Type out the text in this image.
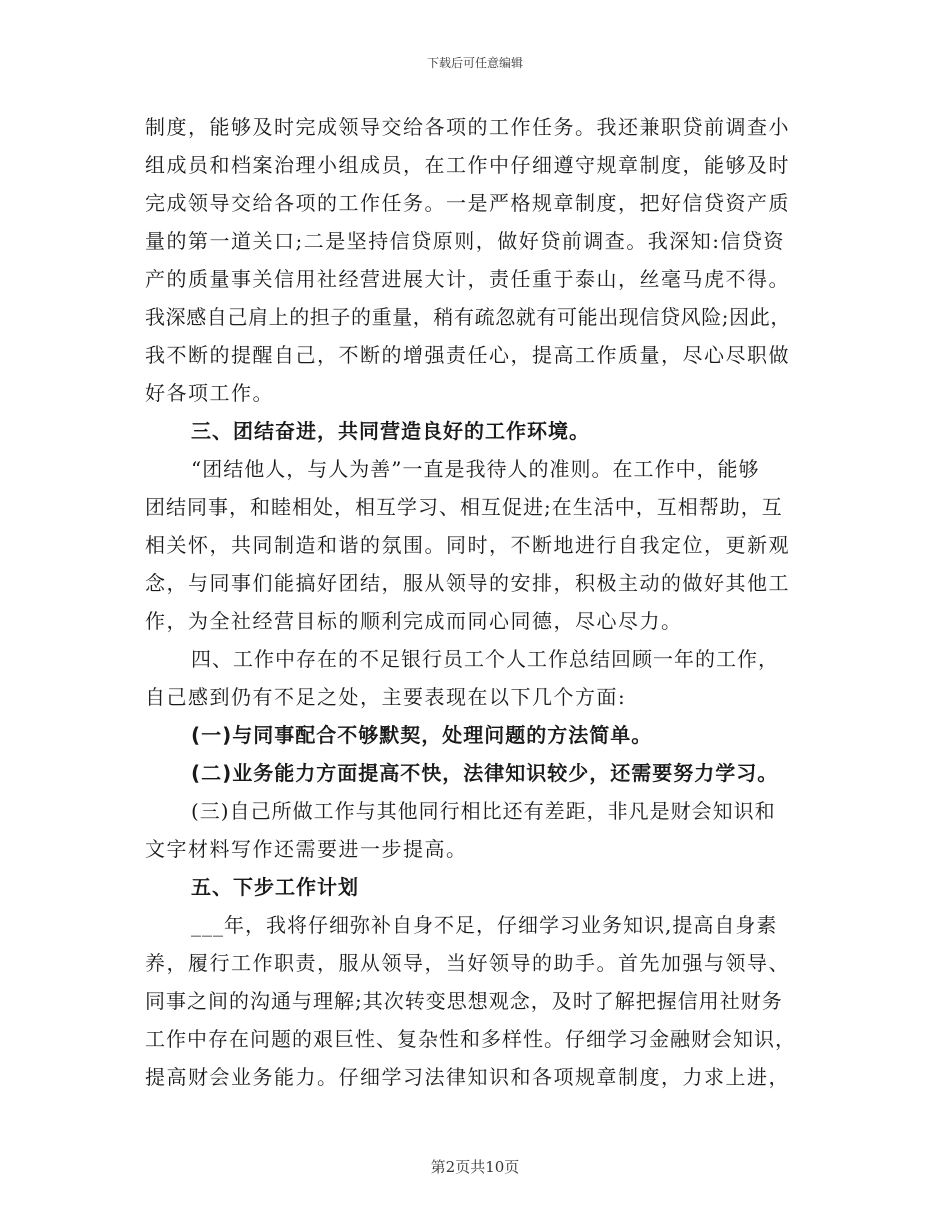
下载后可任意编辑
制度，能够及时完成领导交给各项的工作任务。我还兼职贷前调查小
组成员和档案治理小组成员，在工作中仔细遵守规章制度，能够及时
完成领导交给各项的工作任务。一是严格规章制度，把好信贷资产质
量的第一道关口;二是坚持信贷原则，做好贷前调查。我深知:信贷资
产的质量事关信用社经营进展大计，责任重于泰山，丝毫马虎不得。
我深感自己肩上的担子的重量，稍有疏忽就有可能出现信贷风险;因此，
我不断的提醒自己，不断的增强责任心，提高工作质量，尽心尽职做
好各项工作。
三、团结奋进，共同营造良好的工作环境。
“团结他人，与人为善”一直是我待人的准则。在工作中，能够
团结同事，和睦相处，相互学习、相互促进;在生活中，互相帮助，互
相关怀，共同制造和谐的氛围。同时，不断地进行自我定位，更新观
念，与同事们能搞好团结，服从领导的安排，积极主动的做好其他工
作，为全社经营目标的顺利完成而同心同德，尽心尽力。
四、工作中存在的不足银行员工个人工作总结回顾一年的工作，
自己感到仍有不足之处，主要表现在以下几个方面:
(一)与同事配合不够默契，处理问题的方法简单。
(二)业务能力方面提高不快，法律知识较少，还需要努力学习。
(三)自己所做工作与其他同行相比还有差距，非凡是财会知识和
文字材料写作还需要进一步提高。
五、下步工作计划
___年，我将仔细弥补自身不足，仔细学习业务知识,提高自身素
养，履行工作职责，服从领导，当好领导的助手。首先加强与领导、
同事之间的沟通与理解;其次转变思想观念，及时了解把握信用社财务
工作中存在问题的艰巨性、复杂性和多样性。仔细学习金融财会知识，
提高财会业务能力。仔细学习法律知识和各项规章制度，力求上进，
第2页共10页
